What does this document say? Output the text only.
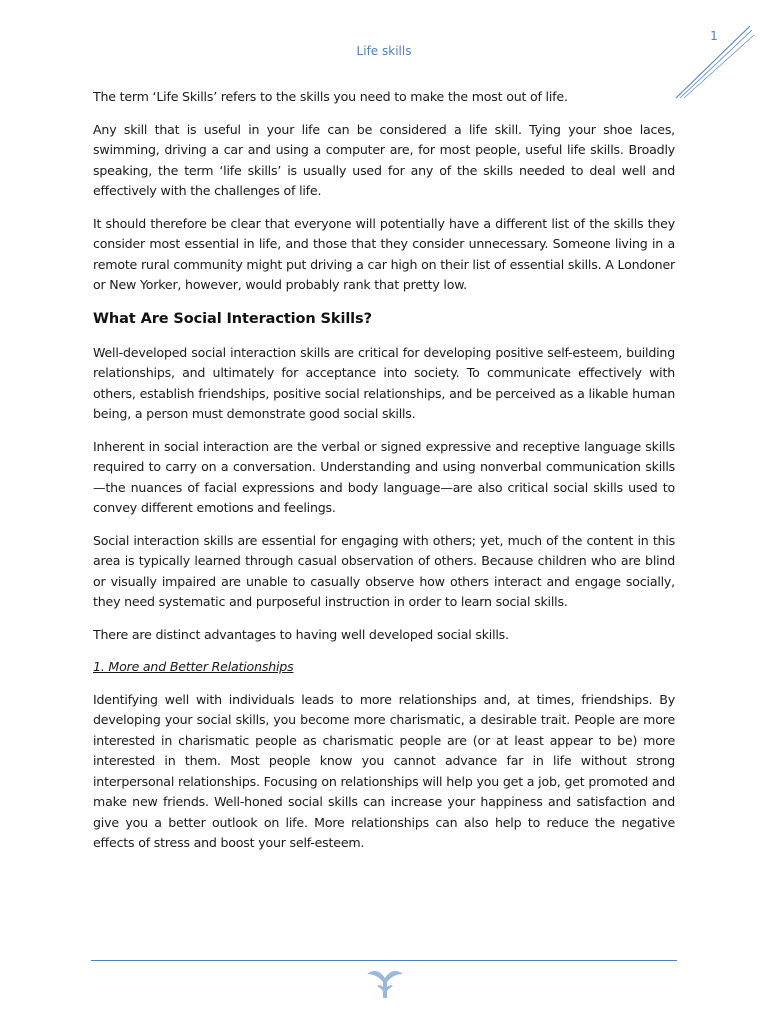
1
Life skills

The term ‘Life Skills’ refers to the skills you need to make the most out of life.

Any skill that is useful in your life can be considered a life skill. Tying your shoe laces, swimming, driving a car and using a computer are, for most people, useful life skills. Broadly speaking, the term ‘life skills’ is usually used for any of the skills needed to deal well and effectively with the challenges of life.

It should therefore be clear that everyone will potentially have a different list of the skills they consider most essential in life, and those that they consider unnecessary. Someone living in a remote rural community might put driving a car high on their list of essential skills. A Londoner or New Yorker, however, would probably rank that pretty low.

What Are Social Interaction Skills?

Well-developed social interaction skills are critical for developing positive self-esteem, building relationships, and ultimately for acceptance into society. To communicate effectively with others, establish friendships, positive social relationships, and be perceived as a likable human being, a person must demonstrate good social skills.

Inherent in social interaction are the verbal or signed expressive and receptive language skills required to carry on a conversation. Understanding and using nonverbal communication skills—the nuances of facial expressions and body language—are also critical social skills used to convey different emotions and feelings.

Social interaction skills are essential for engaging with others; yet, much of the content in this area is typically learned through casual observation of others. Because children who are blind or visually impaired are unable to casually observe how others interact and engage socially, they need systematic and purposeful instruction in order to learn social skills.

There are distinct advantages to having well developed social skills.

1. More and Better Relationships

Identifying well with individuals leads to more relationships and, at times, friendships. By developing your social skills, you become more charismatic, a desirable trait. People are more interested in charismatic people as charismatic people are (or at least appear to be) more interested in them. Most people know you cannot advance far in life without strong interpersonal relationships. Focusing on relationships will help you get a job, get promoted and make new friends. Well-honed social skills can increase your happiness and satisfaction and give you a better outlook on life. More relationships can also help to reduce the negative effects of stress and boost your self-esteem.
